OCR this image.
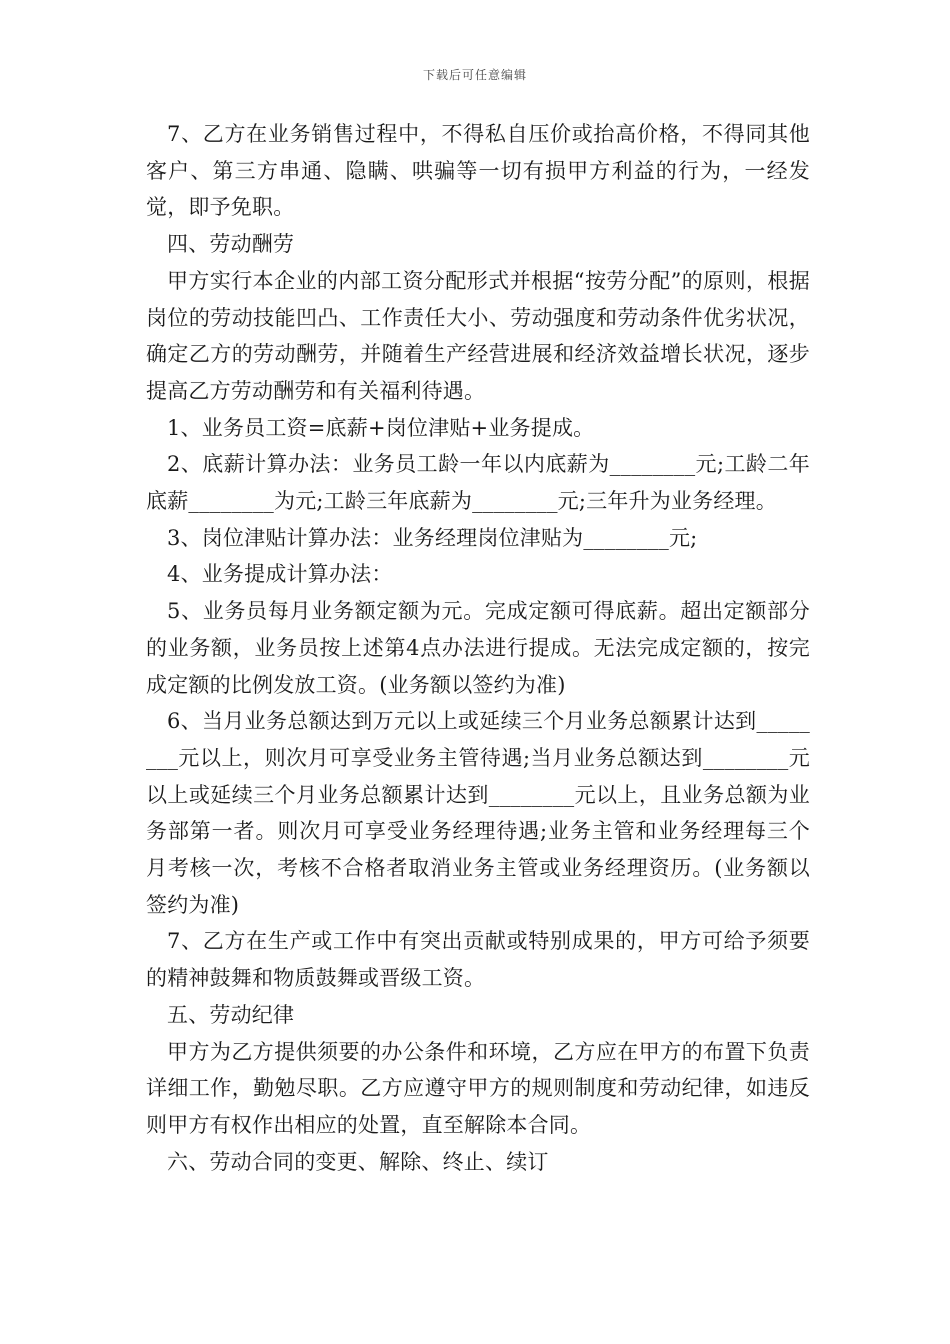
下载后可任意编辑

7、乙方在业务销售过程中，不得私自压价或抬高价格，不得同其他客户、第三方串通、隐瞒、哄骗等一切有损甲方利益的行为，一经发觉，即予免职。

四、劳动酬劳

甲方实行本企业的内部工资分配形式并根据“按劳分配”的原则，根据岗位的劳动技能凹凸、工作责任大小、劳动强度和劳动条件优劣状况，确定乙方的劳动酬劳，并随着生产经营进展和经济效益增长状况，逐步提高乙方劳动酬劳和有关福利待遇。

1、业务员工资=底薪+岗位津贴+业务提成。

2、底薪计算办法：业务员工龄一年以内底薪为________元;工龄二年底薪________为元;工龄三年底薪为________元;三年升为业务经理。

3、岗位津贴计算办法：业务经理岗位津贴为________元;

4、业务提成计算办法：

5、业务员每月业务额定额为元。完成定额可得底薪。超出定额部分的业务额，业务员按上述第4点办法进行提成。无法完成定额的，按完成定额的比例发放工资。(业务额以签约为准)

6、当月业务总额达到万元以上或延续三个月业务总额累计达到________元以上，则次月可享受业务主管待遇;当月业务总额达到________元以上或延续三个月业务总额累计达到________元以上，且业务总额为业务部第一者。则次月可享受业务经理待遇;业务主管和业务经理每三个月考核一次，考核不合格者取消业务主管或业务经理资历。(业务额以签约为准)

7、乙方在生产或工作中有突出贡献或特别成果的，甲方可给予须要的精神鼓舞和物质鼓舞或晋级工资。

五、劳动纪律

甲方为乙方提供须要的办公条件和环境，乙方应在甲方的布置下负责详细工作，勤勉尽职。乙方应遵守甲方的规则制度和劳动纪律，如违反则甲方有权作出相应的处置，直至解除本合同。

六、劳动合同的变更、解除、终止、续订
